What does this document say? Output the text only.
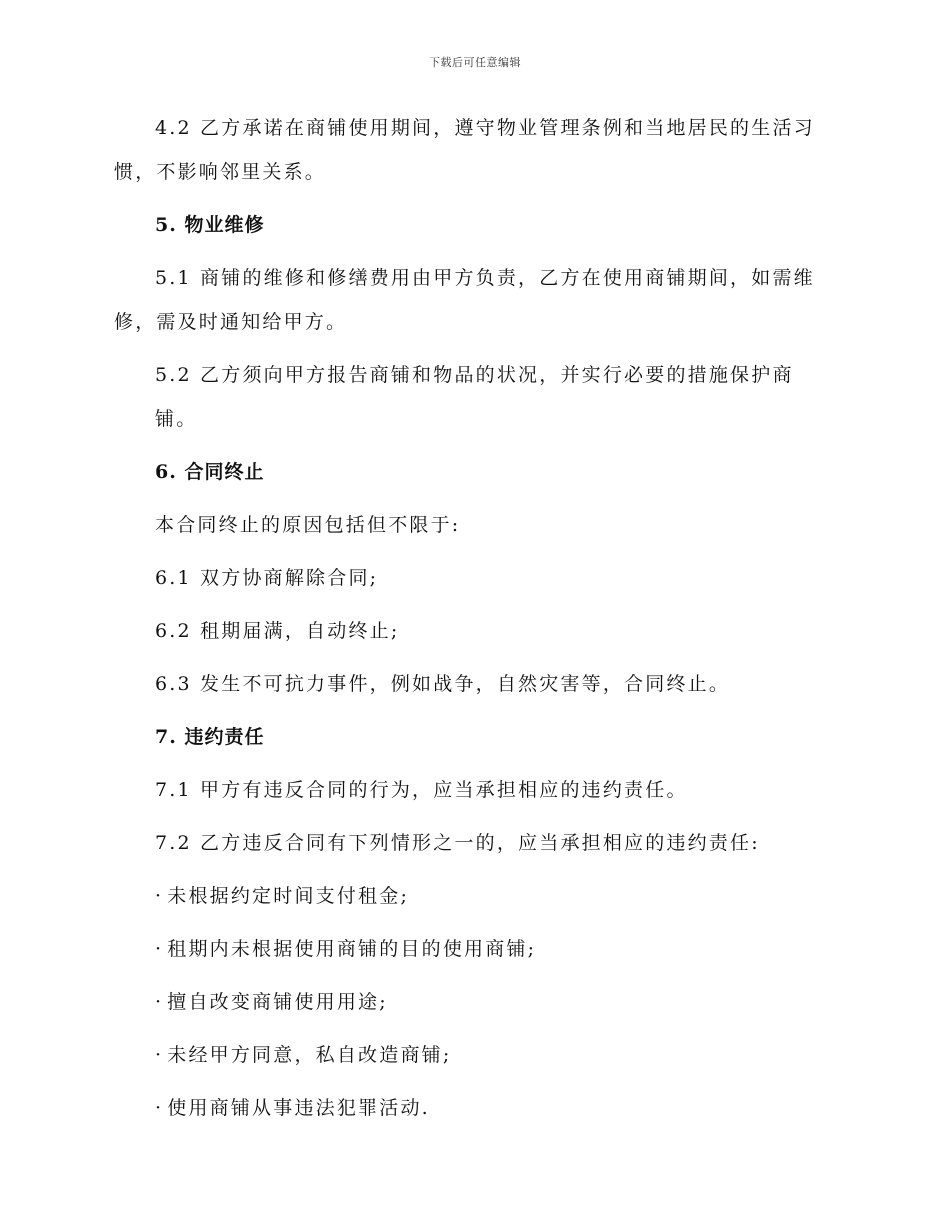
下载后可任意编辑
4.2 乙方承诺在商铺使用期间，遵守物业管理条例和当地居民的生活习惯，不影响邻里关系。
5. 物业维修
5.1 商铺的维修和修缮费用由甲方负责，乙方在使用商铺期间，如需维修，需及时通知给甲方。
5.2 乙方须向甲方报告商铺和物品的状况，并实行必要的措施保护商铺。
6. 合同终止
本合同终止的原因包括但不限于:
6.1 双方协商解除合同;
6.2 租期届满，自动终止;
6.3 发生不可抗力事件，例如战争，自然灾害等，合同终止。
7. 违约责任
7.1 甲方有违反合同的行为，应当承担相应的违约责任。
7.2 乙方违反合同有下列情形之一的，应当承担相应的违约责任:
· 未根据约定时间支付租金;
· 租期内未根据使用商铺的目的使用商铺;
· 擅自改变商铺使用用途;
· 未经甲方同意，私自改造商铺;
· 使用商铺从事违法犯罪活动.
